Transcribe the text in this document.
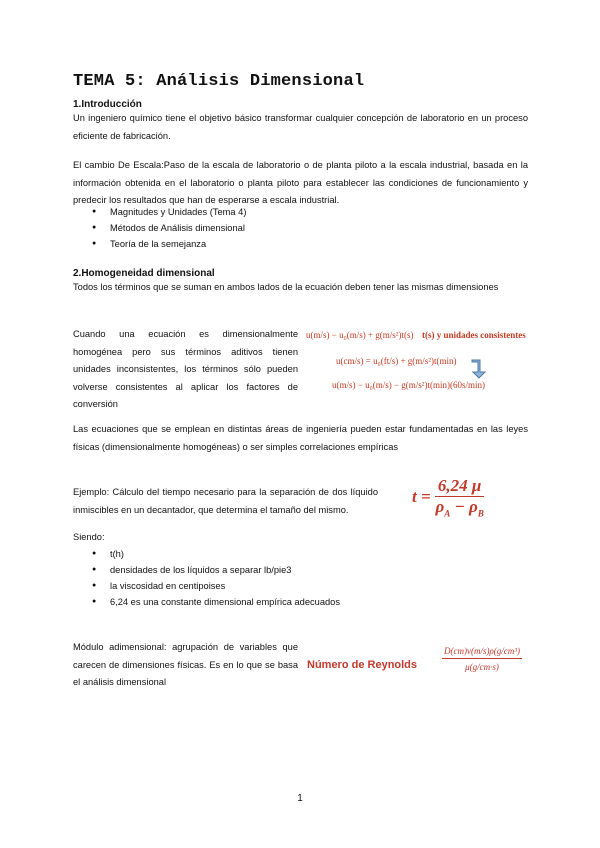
TEMA 5: Análisis Dimensional
1.Introducción
Un ingeniero químico tiene el objetivo básico transformar cualquier concepción de laboratorio en un proceso eficiente de fabricación.
El cambio De Escala:Paso de la escala de laboratorio o de planta piloto a la escala industrial, basada en la información obtenida en el laboratorio o planta piloto para establecer las condiciones de funcionamiento y predecir los resultados que han de esperarse a escala industrial.
● Magnitudes y Unidades (Tema 4)
● Métodos de Análisis dimensional
● Teoría de la semejanza
2.Homogeneidad dimensional
Todos los términos que se suman en ambos lados de la ecuación deben tener las mismas dimensiones
Cuando una ecuación es dimensionalmente homogénea pero sus términos aditivos tienen unidades inconsistentes, los términos sólo pueden volverse consistentes al aplicar los factores de conversión
u(m/s) − u₀(m/s) + g(m/s²)t(s) t(s) y unidades consistentes
u(cm/s) = u₀(ft/s) + g(m/s²)t(min)
u(m/s) − u₀(m/s) − g(m/s²)t(min)(60s/min)
Las ecuaciones que se emplean en distintas áreas de ingeniería pueden estar fundamentadas en las leyes físicas (dimensionalmente homogéneas) o ser simples correlaciones empíricas
Ejemplo: Cálculo del tiempo necesario para la separación de dos líquido inmiscibles en un decantador, que determina el tamaño del mismo.
$t = \frac{6,24 \mu}{\rho_A - \rho_B}$
Siendo:
● t(h)
● densidades de los líquidos a separar lb/pie3
● la viscosidad en centipoises
● 6,24 es una constante dimensional empírica adecuados
Módulo adimensional: agrupación de variables que carecen de dimensiones físicas. Es en lo que se basa el análisis dimensional
Número de Reynolds	$\frac{\text{D(cm)v(m/s)ρ(g/cm³)}}{\mu(g/cm\cdot s)}$
1
